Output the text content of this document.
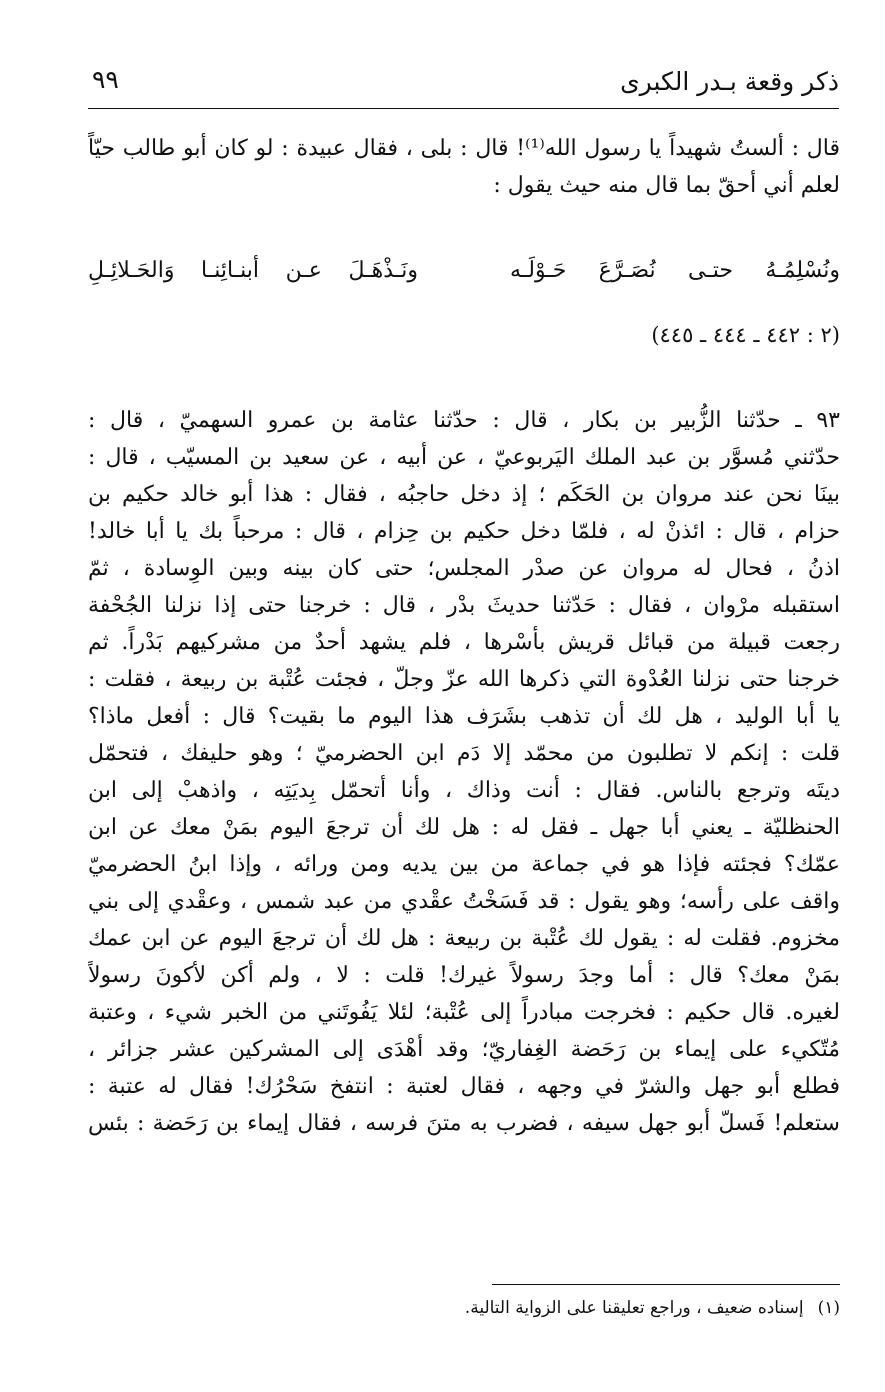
ذكر وقعة بـدر الكبرى
٩٩
قال : ألستُ شهيداً يا رسول الله⁽¹⁾! قال : بلى ، فقال عبيدة : لو كان أبو طالب حيّاً
لعلم أني أحقّ بما قال منه حيث يقول :
ونُسْلِمُـهُ حتـى نُصَـرَّعَ حَـوْلَـه
ونَـذْهَـلَ عـن أبنـائِنـا وَالحَـلائِـلِ
(٢ : ٤٤٢ ـ ٤٤٤ ـ ٤٤٥)
٩٣ ـ حدّثنا الزُّبير بن بكار ، قال : حدّثنا عثامة بن عمرو السهميّ ، قال :
حدّثني مُسوَّر بن عبد الملك اليَربوعيّ ، عن أبيه ، عن سعيد بن المسيّب ، قال :
بينَا نحن عند مروان بن الحَكَم ؛ إذ دخل حاجبُه ، فقال : هذا أبو خالد حكيم بن
حزام ، قال : ائذنْ له ، فلمّا دخل حكيم بن حِزام ، قال : مرحباً بك يا أبا خالد!
اذنُ ، فحال له مروان عن صدْر المجلس؛ حتى كان بينه وبين الوِسادة ، ثمّ
استقبله مرْوان ، فقال : حَدّثنا حديثَ بدْر ، قال : خرجنا حتى إذا نزلنا الجُحْفة
رجعت قبيلة من قبائل قريش بأسْرها ، فلم يشهد أحدٌ من مشركيهم بَدْراً. ثم
خرجنا حتى نزلنا العُدْوة التي ذكرها الله عزّ وجلّ ، فجئت عُتْبة بن ربيعة ، فقلت :
يا أبا الوليد ، هل لك أن تذهب بشَرَف هذا اليوم ما بقيت؟ قال : أفعل ماذا؟
قلت : إنكم لا تطلبون من محمّد إلا دَم ابن الحضرميّ ؛ وهو حليفك ، فتحمّل
ديتَه وترجع بالناس. فقال : أنت وذاك ، وأنا أتحمّل بِديَتِه ، واذهبْ إلى ابن
الحنظليّة ـ يعني أبا جهل ـ فقل له : هل لك أن ترجعَ اليوم بمَنْ معك عن ابن
عمّك؟ فجئته فإذا هو في جماعة من بين يديه ومن ورائه ، وإذا ابنُ الحضرميّ
واقف على رأسه؛ وهو يقول : قد فَسَخْتُ عقْدي من عبد شمس ، وعقْدي إلى بني
مخزوم. فقلت له : يقول لك عُتْبة بن ربيعة : هل لك أن ترجعَ اليوم عن ابن عمك
بمَنْ معك؟ قال : أما وجدَ رسولاً غيرك! قلت : لا ، ولم أكن لأكونَ رسولاً
لغيره. قال حكيم : فخرجت مبادراً إلى عُتْبة؛ لئلا يَفُوتَني من الخبر شيء ، وعتبة
مُتّكيء على إيماء بن رَحَضة الغِفاريّ؛ وقد أهْدَى إلى المشركين عشر جزائر ،
فطلع أبو جهل والشرّ في وجهه ، فقال لعتبة : انتفخ سَحْرُك! فقال له عتبة :
ستعلم! فَسلّ أبو جهل سيفه ، فضرب به متنَ فرسه ، فقال إيماء بن رَحَضة : بئس
(١)إسناده ضعيف ، وراجع تعليقنا على الزواية التالية.
